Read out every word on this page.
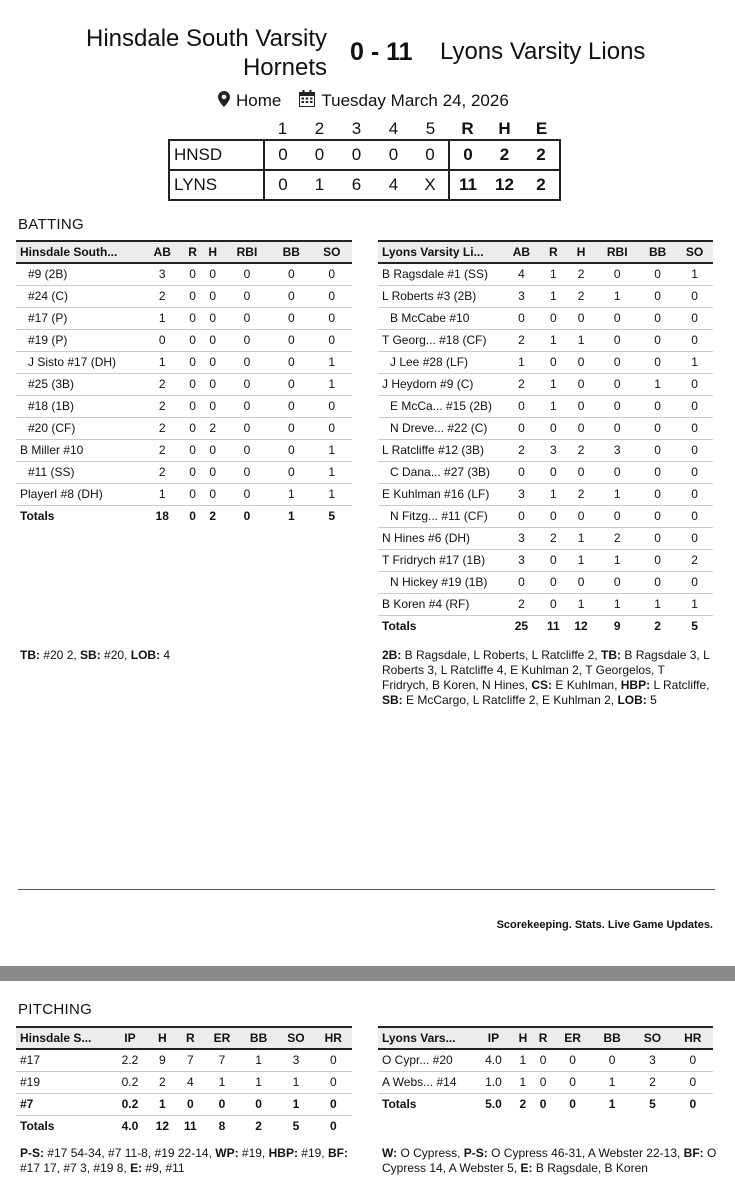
Hinsdale South Varsity
Hornets
0 - 11 Lyons Varsity Lions
Home Tuesday March 24, 2026
	1	2	3	4	5	R	H	E
HNSD	0	0	0	0	0	0	2	2
LYNS	0	1	6	4	X	11	12	2
BATTING
Hinsdale South...	AB	R	H	RBI	BB	SO
#9 (2B)	3	0	0	0	0	0
#24 (C)	2	0	0	0	0	0
#17 (P)	1	0	0	0	0	0
#19 (P)	0	0	0	0	0	0
J Sisto #17 (DH)	1	0	0	0	0	1
#25 (3B)	2	0	0	0	0	1
#18 (1B)	2	0	0	0	0	0
#20 (CF)	2	0	2	0	0	0
B Miller #10	2	0	0	0	0	1
#11 (SS)	2	0	0	0	0	1
PlayerI #8 (DH)	1	0	0	0	1	1
Totals	18	0	2	0	1	5
Lyons Varsity Li...	AB	R	H	RBI	BB	SO
B Ragsdale #1 (SS)	4	1	2	0	0	1
L Roberts #3 (2B)	3	1	2	1	0	0
B McCabe #10	0	0	0	0	0	0
T Georg... #18 (CF)	2	1	1	0	0	0
J Lee #28 (LF)	1	0	0	0	0	1
J Heydorn #9 (C)	2	1	0	0	1	0
E McCa... #15 (2B)	0	1	0	0	0	0
N Dreve... #22 (C)	0	0	0	0	0	0
L Ratcliffe #12 (3B)	2	3	2	3	0	0
C Dana... #27 (3B)	0	0	0	0	0	0
E Kuhlman #16 (LF)	3	1	2	1	0	0
N Fitzg... #11 (CF)	0	0	0	0	0	0
N Hines #6 (DH)	3	2	1	2	0	0
T Fridrych #17 (1B)	3	0	1	1	0	2
N Hickey #19 (1B)	0	0	0	0	0	0
B Koren #4 (RF)	2	0	1	1	1	1
Totals	25	11	12	9	2	5
TB: #20 2, SB: #20, LOB: 4	2B: B Ragsdale, L Roberts, L Ratcliffe 2, TB: B Ragsdale 3, L Roberts 3, L Ratcliffe 4, E Kuhlman 2, T Georgelos, T Fridrych, B Koren, N Hines, CS: E Kuhlman, HBP: L Ratcliffe, SB: E McCargo, L Ratcliffe 2, E Kuhlman 2, LOB: 5
Scorekeeping. Stats. Live Game Updates.
PITCHING
Hinsdale S...	IP	H	R	ER	BB	SO	HR
#17	2.2	9	7	7	1	3	0
#19	0.2	2	4	1	1	1	0
#7	0.2	1	0	0	0	1	0
Totals	4.0	12	11	8	2	5	0
Lyons Vars...	IP	H	R	ER	BB	SO	HR
O Cypr... #20	4.0	1	0	0	0	3	0
A Webs... #14	1.0	1	0	0	1	2	0
Totals	5.0	2	0	0	1	5	0
P-S: #17 54-34, #7 11-8, #19 22-14, WP: #19, HBP: #19, BF: #17 17, #7 3, #19 8, E: #9, #11
W: O Cypress, P-S: O Cypress 46-31, A Webster 22-13, BF: O Cypress 14, A Webster 5, E: B Ragsdale, B Koren
